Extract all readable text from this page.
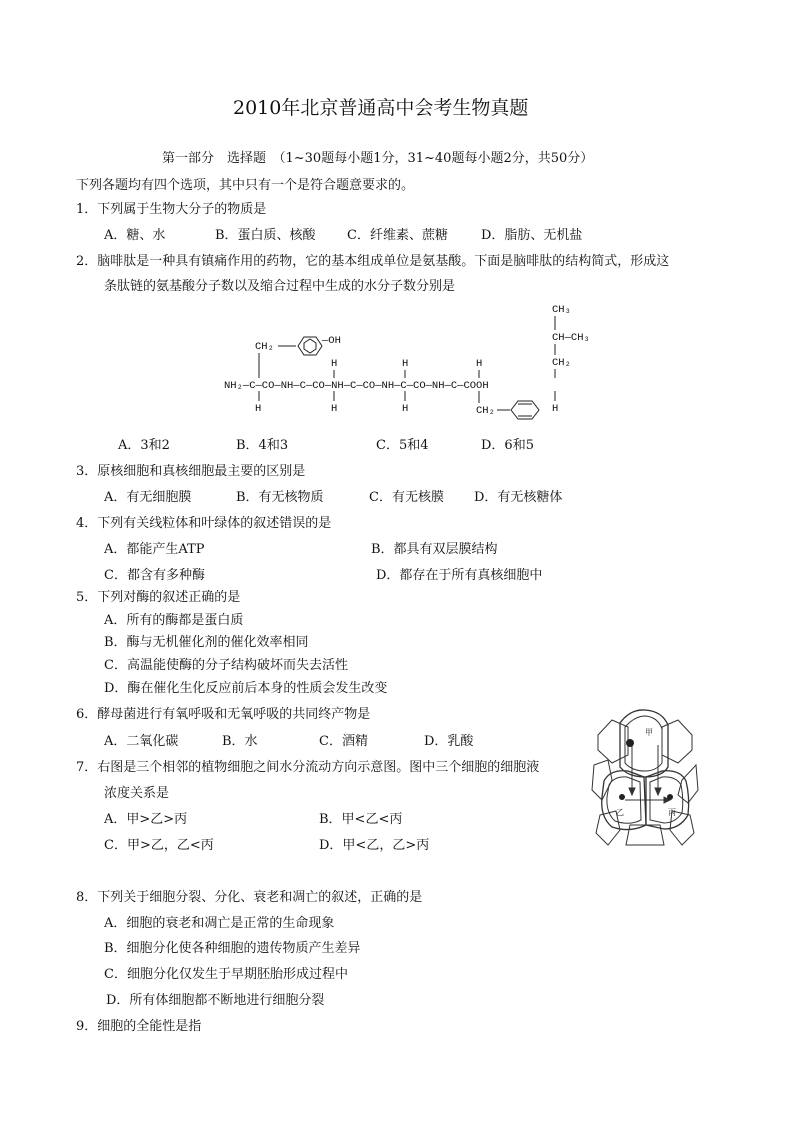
2010年北京普通高中会考生物真题
第一部分　选择题　（1~30题每小题1分，31~40题每小题2分，共50分）
下列各题均有四个选项，其中只有一个是符合题意要求的。
1．下列属于生物大分子的物质是
A．糖、水	B．蛋白质、核酸 C．纤维素、蔗糖	D．脂肪、无机盐
2．脑啡肽是一种具有镇痛作用的药物，它的基本组成单位是氨基酸。下面是脑啡肽的结构简式，形成这
条肽链的氨基酸分子数以及缩合过程中生成的水分子数分别是
NH₂—C—CO—NH—C—CO—NH—C—CO—NH—C—CO—NH—C—COOH
CH₂	—OH
CH₂
CH₃
CH—CH₃
CH₂
H	H	H
H	H	H	H
A．3和2	B．4和3	C．5和4	D．6和5
3．原核细胞和真核细胞最主要的区别是
A．有无细胞膜	B．有无核物质	C．有无核膜 D．有无核糖体
4．下列有关线粒体和叶绿体的叙述错误的是
A．都能产生ATP	B．都具有双层膜结构
C．都含有多种酶	D．都存在于所有真核细胞中
5．下列对酶的叙述正确的是
A．所有的酶都是蛋白质
B．酶与无机催化剂的催化效率相同
C．高温能使酶的分子结构破坏而失去活性
D．酶在催化生化反应前后本身的性质会发生改变
6．酵母菌进行有氧呼吸和无氧呼吸的共同终产物是
A．二氧化碳	B．水	C．酒精	D．乳酸
7．右图是三个相邻的植物细胞之间水分流动方向示意图。图中三个细胞的细胞液
浓度关系是
A．甲>乙>丙	B．甲<乙<丙
C．甲>乙，乙<丙	D．甲<乙，乙>丙
甲
乙	丙
8．下列关于细胞分裂、分化、衰老和凋亡的叙述，正确的是
A．细胞的衰老和凋亡是正常的生命现象
B．细胞分化使各种细胞的遗传物质产生差异
C．细胞分化仅发生于早期胚胎形成过程中
D．所有体细胞都不断地进行细胞分裂
9．细胞的全能性是指
